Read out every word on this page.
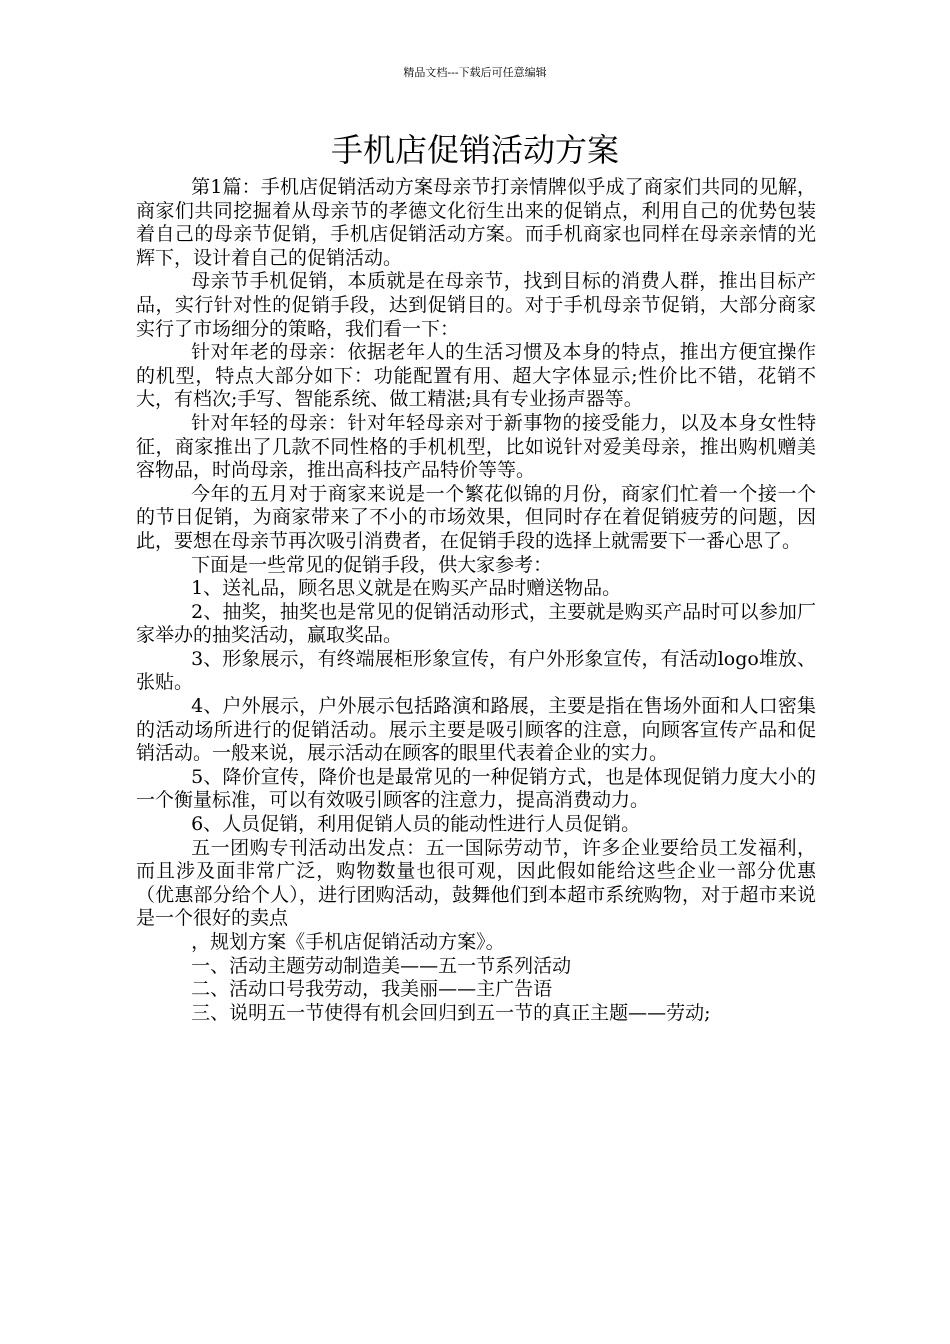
精品文档---下载后可任意编辑
手机店促销活动方案

第1篇：手机店促销活动方案母亲节打亲情牌似乎成了商家们共同的见解，商家们共同挖掘着从母亲节的孝德文化衍生出来的促销点，利用自己的优势包装着自己的母亲节促销，手机店促销活动方案。而手机商家也同样在母亲亲情的光辉下，设计着自己的促销活动。

母亲节手机促销，本质就是在母亲节，找到目标的消费人群，推出目标产品，实行针对性的促销手段，达到促销目的。对于手机母亲节促销，大部分商家实行了市场细分的策略，我们看一下：

针对年老的母亲：依据老年人的生活习惯及本身的特点，推出方便宜操作的机型，特点大部分如下：功能配置有用、超大字体显示;性价比不错，花销不大，有档次;手写、智能系统、做工精湛;具有专业扬声器等。

针对年轻的母亲：针对年轻母亲对于新事物的接受能力，以及本身女性特征，商家推出了几款不同性格的手机机型，比如说针对爱美母亲，推出购机赠美容物品，时尚母亲，推出高科技产品特价等等。

今年的五月对于商家来说是一个繁花似锦的月份，商家们忙着一个接一个的节日促销，为商家带来了不小的市场效果，但同时存在着促销疲劳的问题，因此，要想在母亲节再次吸引消费者，在促销手段的选择上就需要下一番心思了。

下面是一些常见的促销手段，供大家参考：

1、送礼品，顾名思义就是在购买产品时赠送物品。

2、抽奖，抽奖也是常见的促销活动形式，主要就是购买产品时可以参加厂家举办的抽奖活动，赢取奖品。

3、形象展示，有终端展柜形象宣传，有户外形象宣传，有活动logo堆放、张贴。

4、户外展示，户外展示包括路演和路展，主要是指在售场外面和人口密集的活动场所进行的促销活动。展示主要是吸引顾客的注意，向顾客宣传产品和促销活动。一般来说，展示活动在顾客的眼里代表着企业的实力。

5、降价宣传，降价也是最常见的一种促销方式，也是体现促销力度大小的一个衡量标准，可以有效吸引顾客的注意力，提高消费动力。

6、人员促销，利用促销人员的能动性进行人员促销。

五一团购专刊活动出发点：五一国际劳动节，许多企业要给员工发福利，而且涉及面非常广泛，购物数量也很可观，因此假如能给这些企业一部分优惠（优惠部分给个人），进行团购活动，鼓舞他们到本超市系统购物，对于超市来说是一个很好的卖点

，规划方案《手机店促销活动方案》。

一、活动主题劳动制造美——五一节系列活动

二、活动口号我劳动，我美丽——主广告语

三、说明五一节使得有机会回归到五一节的真正主题——劳动;
